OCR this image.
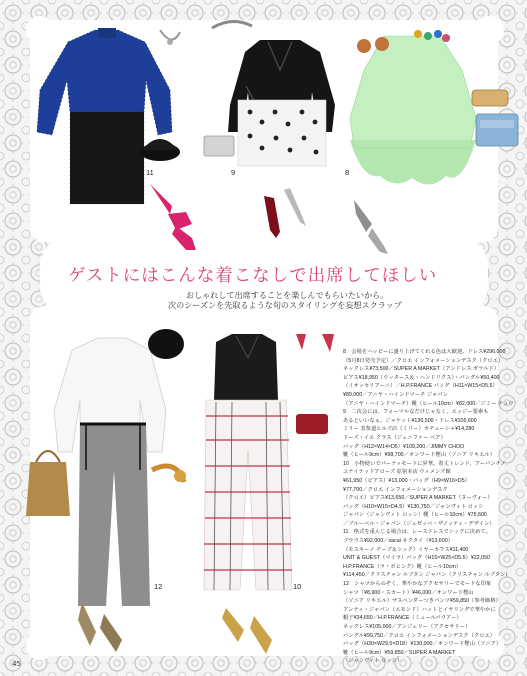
ゲストにはこんな着こなしで出席してほしい
おしゃれして出席することを楽しんでもらいたいから。
次のシーズンを先取るような旬のスタイリングを妄想スクラップ
11	9	8
12	10

8　会場をハッピーに盛り上げてくれる色は大歓迎。ドレス¥296,000

（5月8日発売予定）／クロエ インフォメーションデスク（クロエ）

ネックレス¥73,500／SUPER A MARKET（アンドレス ガラルド）

ピアス¥18,950（ウッタース＆・ヘンドリクス）・バングル¥50,400

（イオッセリアーニ）／H.P.FRANCE バッグ（H11×W15×D5.5）

¥89,000／アニヤ・ハインドマーチ ジャパン

（アニヤ・ハインドマーチ）靴（ヒール10cm）¥82,000／ジミー チュウ

9　二次会には、フォーマルなだけじゃなく、エッジー要素も

あるといいなぁ。ジャケット¥136,500・ドレス¥105,600

ミリー 表参道ヒルズ店（ミリー）カチューシャ¥14,280

ドーズ・イエ クラス（ジェニファー ベア）

バッグ（H12×W14×D5）¥109,200／JIMMY CHOO

靴（ヒール9cm）¥98,700／オンワード樫山（ソニア リキエル）

10　小物使いでパーティモードに昇華。着丈トレンド、アーバンチノ

ユナイテッドアローズ 原宿本店 ウィメンズ館

¥61,950（ピアス）¥13,000・バッグ（H9×W16×D5）

¥77,700／クロエ インフォメーションデスク

（クロエ）ピアス¥13,650／SUPER A MARKET（ヌーヴォー）

バッグ（H10×W15×D4.5）¥130,750／ジャンヴィト ロッシ

ジャパン（ジャンヴィト ロッシ）靴（ヒール10cm）¥75,600

／ブルーベル・ジャパン（ジュゼッペ・ザノッティ・デザイン）

11　格式を重んじる場合は、レースドレスでシックに決めて。

ブラウス¥92,000／sacai ネクタイ（¥13,600）

（モスキーノ チープ＆シック）イヤーカフス¥11,400

UNIT & GUEST（マイラ）バッグ（H15×W25×D5.5）¥22,050

H.P.FRANCE（ラ・ボヒンク）靴（ヒール10cm）

¥114,450／クリスチャン ルブタン ジャパン（クリスチャン ルブタン）

12　シャツからのぞく、華やかなアクセサリーでモードな印象

シャツ（¥8,900・スカート）¥46,000／オンワード樫山

（ソニア リキエル）サスペンダーつきパンツ¥59,850（参考価格）

アンティ・ジャパン（エモンド）ハットとイヤリングで華やかに

帽子¥34,650／H.P.FRANCE（ミュールバウアー）

ネックレス¥105,000／アンジェリー（アクセサリー）

バングル¥99,750／クロエ インフォメーションデスク（クロエ）

バッグ（H30×W29.5×D18）¥130,000／オンワード樫山（ソニア）

靴（ヒール9cm）¥59,850／SUPER A MARKET

（ジャンヴィト ロッシ）

45
